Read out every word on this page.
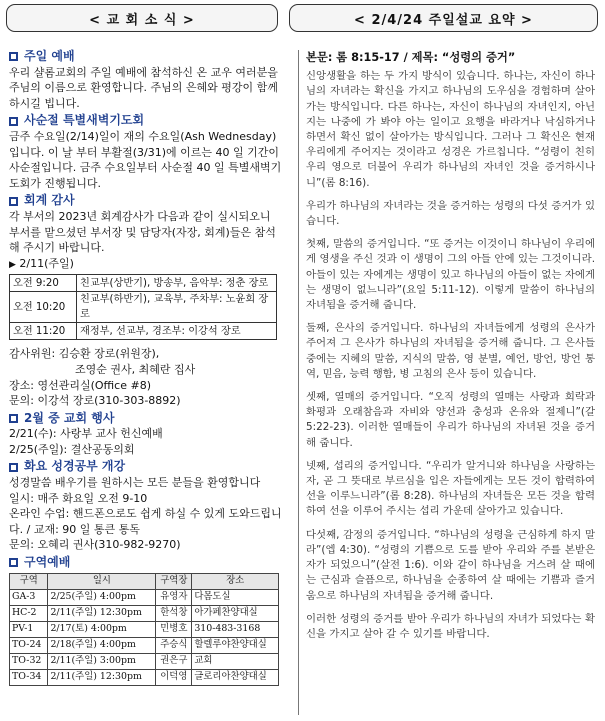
< 교 회 소 식 >	< 2/4/24 주일설교 요약 >
주일 예배

우리 샬롬교회의 주일 예배에 참석하신 온 교우 여러분을 주님의 이름으로 환영합니다. 주님의 은혜와 평강이 함께 하시길 빕니다.

사순절 특별새벽기도회

금주 수요일(2/14)일이 재의 수요일(Ash Wednesday) 입니다. 이 날 부터 부활절(3/31)에 이르는 40 일 기간이 사순절입니다. 금주 수요일부터 사순절 40 일 특별새벽기도회가 진행됩니다.

회계 감사

각 부서의 2023년 회계감사가 다음과 같이 실시되오니 부서를 맡으셨던 부서장 및 담당자(자장, 회계)들은 참석해 주시기 바랍니다.

▶ 2/11(주일)

오전 9:20	친교부(상반기), 방송부, 음악부: 정춘 장로
오전 10:20	친교부(하반기), 교육부, 주차부: 노윤희 장로
오전 11:20	재정부, 선교부, 경조부: 이강석 장로

감사위원: 김승환 장로(위원장),

조영순 권사, 최혜란 집사

장소: 영선관리실(Office #8)

문의: 이강석 장로(310-303-8892)

2월 중 교회 행사

2/21(수): 사랑부 교사 헌신예배

2/25(주일): 결산공동의회

화요 성경공부 개강

성경말씀 배우기를 원하시는 모든 분들을 환영합니다

일시: 매주 화요일 오전 9-10

온라인 수업: 핸드폰으로도 쉽게 하실 수 있게 도와드립니다. / 교재: 90 일 통큰 통독

문의: 오혜리 권사(310-982-9270)

구역예배
구역	일시	구역장	장소
GA-3	2/25(주일) 4:00pm	유영자	다몸도실
HC-2	2/11(주일) 12:30pm	한석창	아가페찬양대실
PV-1	2/17(토) 4:00pm	민병호	310-483-3168
TO-24	2/18(주일) 4:00pm	주승식	할렐루야찬양대실
TO-32	2/11(주일) 3:00pm	권은구	교회
TO-34	2/11(주일) 12:30pm	이덕영	글로리아찬양대실

본문: 롬 8:15-17 / 제목: “성령의 증거”

신앙생활을 하는 두 가지 방식이 있습니다. 하나는, 자신이 하나님의 자녀라는 확신을 가지고 하나님의 도우심을 경험하며 살아가는 방식입니다. 다른 하나는, 자신이 하나님의 자녀인지, 아닌지는 나중에 가 봐야 아는 일이고 요행을 바라거나 낙심하거나 하면서 확신 없이 살아가는 방식입니다. 그러나 그 확신은 현재 우리에게 주어지는 것이라고 성경은 가르칩니다. “성령이 친히 우리 영으로 더불어 우리가 하나님의 자녀인 것을 증거하시나니”(롬 8:16).

우리가 하나님의 자녀라는 것을 증거하는 성령의 다섯 증거가 있습니다.

첫째, 말씀의 증거입니다. “또 증거는 이것이니 하나님이 우리에게 영생을 주신 것과 이 생명이 그의 아들 안에 있는 그것이니라. 아들이 있는 자에게는 생명이 있고 하나님의 아들이 없는 자에게는 생명이 없느니라”(요일 5:11-12). 이렇게 말씀이 하나님의 자녀됨을 증거해 줍니다.

둘째, 은사의 증거입니다. 하나님의 자녀들에게 성령의 은사가 주어져 그 은사가 하나님의 자녀됨을 증거해 줍니다. 그 은사들 중에는 지혜의 말씀, 지식의 말씀, 영 분별, 예언, 방언, 방언 통역, 믿음, 능력 행함, 병 고침의 은사 등이 있습니다.

셋째, 열매의 증거입니다. “오직 성령의 열매는 사랑과 희락과 화평과 오래참음과 자비와 양선과 충성과 온유와 절제니”(갈 5:22-23). 이러한 열매들이 우리가 하나님의 자녀된 것을 증거해 줍니다.

넷째, 섭리의 증거입니다. “우리가 알거니와 하나님을 사랑하는 자, 곧 그 뜻대로 부르심을 입은 자들에게는 모든 것이 합력하여 선을 이루느니라”(롬 8:28). 하나님의 자녀들은 모든 것을 합력하여 선을 이루어 주시는 섭리 가운데 살아가고 있습니다.

다섯째, 감정의 증거입니다. “하나님의 성령을 근심하게 하지 말라”(엡 4:30). “성령의 기쁨으로 도를 받아 우리와 주를 본받은 자가 되었으니”(살전 1:6). 이와 같이 하나님을 거스려 살 때에는 근심과 슬픔으로, 하나님을 순종하여 살 때에는 기쁨과 즐거움으로 하나님의 자녀됨을 증거해 줍니다.

이러한 성령의 증거를 받아 우리가 하나님의 자녀가 되었다는 확신을 가지고 살아 갈 수 있기를 바랍니다.
